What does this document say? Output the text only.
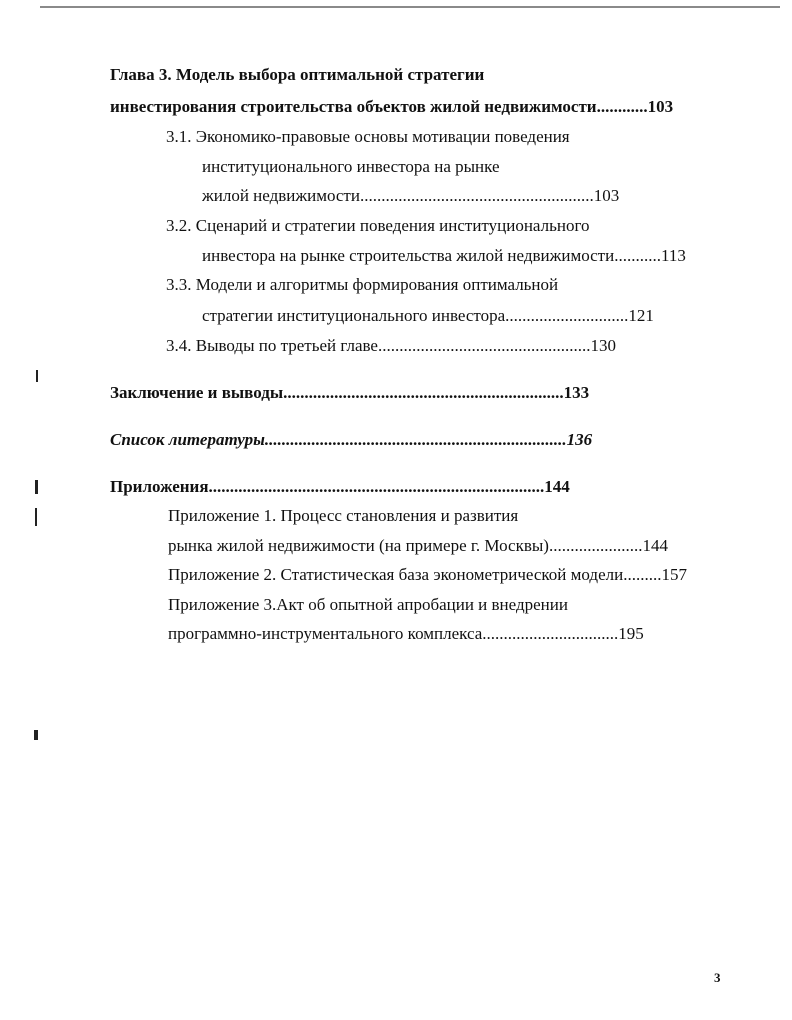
Глава 3. Модель выбора оптимальной стратегии
инвестирования строительства объектов жилой недвижимости............103
3.1. Экономико-правовые основы мотивации поведения
институционального инвестора на рынке
жилой недвижимости.......................................................103
3.2. Сценарий и стратегии поведения институционального
инвестора на рынке строительства жилой недвижимости...........113
3.3. Модели и алгоритмы формирования оптимальной
стратегии институционального инвестора.............................121
3.4. Выводы по третьей главе..................................................130
Заключение и выводы..................................................................133
Список литературы.......................................................................136
Приложения...............................................................................144
Приложение 1. Процесс становления и развития
рынка жилой недвижимости (на примере г. Москвы)......................144
Приложение 2. Статистическая база эконометрической модели.........157
Приложение 3.Акт об опытной апробации и внедрении
программно-инструментального комплекса................................195
3
